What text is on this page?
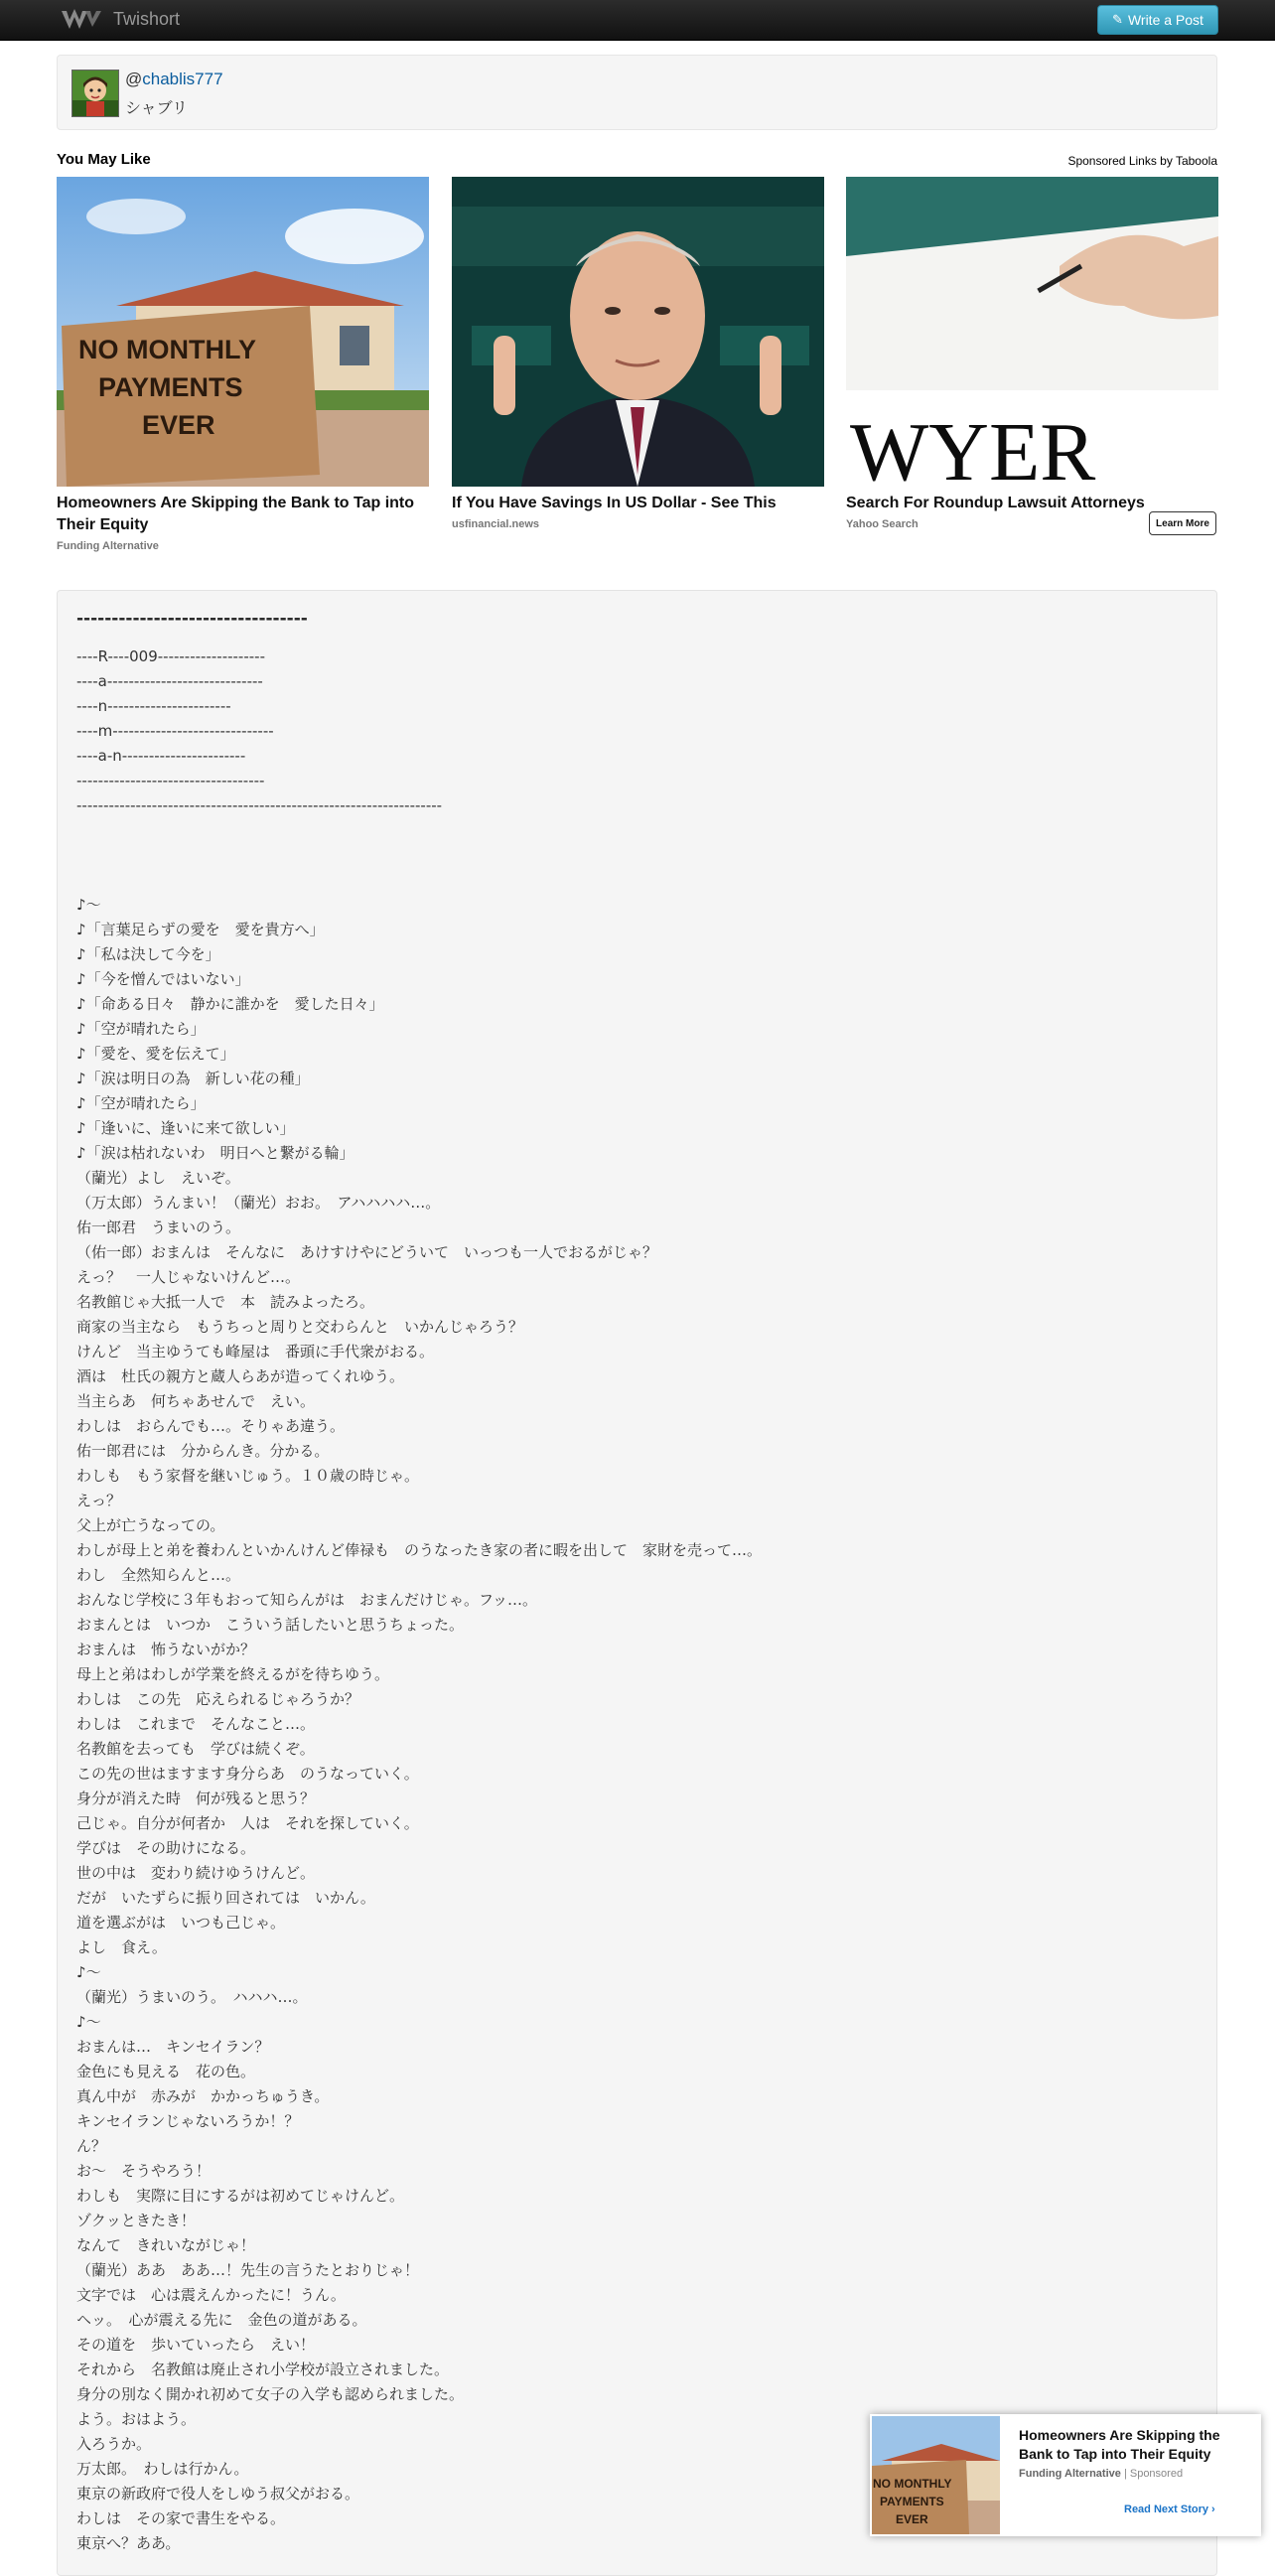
Twishort	✎ Write a Post
@chablis777
シャブリ
You May Like	Sponsored Links by Taboola
NO MONTHLY
PAYMENTS
EVER
Homeowners Are Skipping the Bank to Tap into Their Equity
Funding Alternative
If You Have Savings In US Dollar - See This
usfinancial.news
WYER
Search For Roundup Lawsuit Attorneys
Yahoo Search	Learn More
---------------------------------
----R----009--------------------
----a-----------------------------
----n-----------------------
----m------------------------------
----a-n-----------------------
-----------------------------------
--------------------------------------------------------------------
♪～
♪「言葉足らずの愛を　愛を貴方へ」
♪「私は決して今を」
♪「今を憎んではいない」
♪「命ある日々　静かに誰かを　愛した日々」
♪「空が晴れたら」
♪「愛を、愛を伝えて」
♪「涙は明日の為　新しい花の種」
♪「空が晴れたら」
♪「逢いに、逢いに来て欲しい」
♪「涙は枯れないわ　明日へと繋がる輪」
（蘭光）よし　えいぞ。
（万太郎）うんまい！（蘭光）おお。　アハハハハ…。
佑一郎君　うまいのう。
（佑一郎）おまんは　そんなに　あけすけやにどういて　いっつも一人でおるがじゃ？
えっ？　一人じゃないけんど…。
名教館じゃ大抵一人で　本　読みよったろ。
商家の当主なら　もうちっと周りと交わらんと　いかんじゃろう？
けんど　当主ゆうても峰屋は　番頭に手代衆がおる。
酒は　杜氏の親方と蔵人らあが造ってくれゆう。
当主らあ　何ちゃあせんで　えい。
わしは　おらんでも…。そりゃあ違う。
佑一郎君には　分からんき。分かる。
わしも　もう家督を継いじゅう。１０歳の時じゃ。
えっ？
父上が亡うなっての。
わしが母上と弟を養わんといかんけんど俸禄も　のうなったき家の者に暇を出して　家財を売って…。
わし　全然知らんと…。
おんなじ学校に３年もおって知らんがは　おまんだけじゃ。フッ…。
おまんとは　いつか　こういう話したいと思うちょった。
おまんは　怖うないがか？
母上と弟はわしが学業を終えるがを待ちゆう。
わしは　この先　応えられるじゃろうか？
わしは　これまで　そんなこと…。
名教館を去っても　学びは続くぞ。
この先の世はますます身分らあ　のうなっていく。
身分が消えた時　何が残ると思う？
己じゃ。自分が何者か　人は　それを探していく。
学びは　その助けになる。
世の中は　変わり続けゆうけんど。
だが　いたずらに振り回されては　いかん。
道を選ぶがは　いつも己じゃ。
よし　食え。
♪～
（蘭光）うまいのう。　ハハハ…。
♪～
おまんは…　キンセイラン？
金色にも見える　花の色。
真ん中が　赤みが　かかっちゅうき。
キンセイランじゃないろうか！？
ん？
お～　そうやろう！
わしも　実際に目にするがは初めてじゃけんど。
ゾクッときたき！
なんて　きれいながじゃ！
（蘭光）ああ　ああ…！先生の言うたとおりじゃ！
文字では　心は震えんかったに！うん。
ヘッ。　心が震える先に　金色の道がある。
その道を　歩いていったら　えい！
それから　名教館は廃止され小学校が設立されました。
身分の別なく開かれ初めて女子の入学も認められました。
よう。おはよう。
入ろうか。
万太郎。　わしは行かん。
東京の新政府で役人をしゆう叔父がおる。
わしは　その家で書生をやる。
東京へ？ああ。
NO MONTHLY
PAYMENTS
EVER
Homeowners Are Skipping the Bank to Tap into Their Equity
Funding Alternative | Sponsored
Read Next Story ›
